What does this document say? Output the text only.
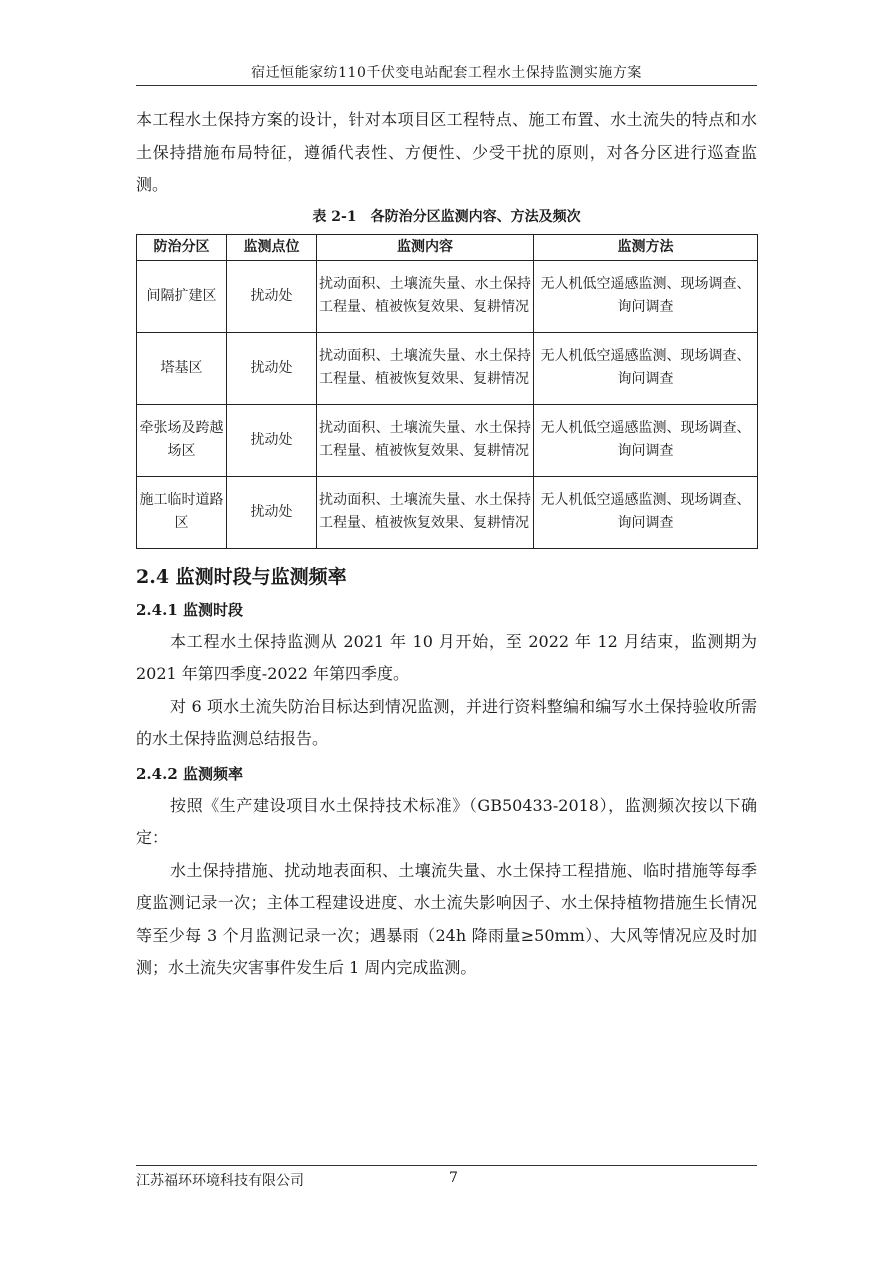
宿迁恒能家纺110千伏变电站配套工程水土保持监测实施方案

本工程水土保持方案的设计，针对本项目区工程特点、施工布置、水土流失的特点和水土保持措施布局特征，遵循代表性、方便性、少受干扰的原则，对各分区进行巡查监测。

表 2-1　各防治分区监测内容、方法及频次
防治分区	监测点位	监测内容	监测方法
间隔扩建区	扰动处	扰动面积、土壤流失量、水土保持工程量、植被恢复效果、复耕情况	无人机低空遥感监测、现场调查、询问调查
塔基区	扰动处	扰动面积、土壤流失量、水土保持工程量、植被恢复效果、复耕情况	无人机低空遥感监测、现场调查、询问调查
牵张场及跨越场区	扰动处	扰动面积、土壤流失量、水土保持工程量、植被恢复效果、复耕情况	无人机低空遥感监测、现场调查、询问调查
施工临时道路区	扰动处	扰动面积、土壤流失量、水土保持工程量、植被恢复效果、复耕情况	无人机低空遥感监测、现场调查、询问调查
2.4 监测时段与监测频率
2.4.1 监测时段

本工程水土保持监测从 2021 年 10 月开始，至 2022 年 12 月结束，监测期为 2021 年第四季度-2022 年第四季度。

对 6 项水土流失防治目标达到情况监测，并进行资料整编和编写水土保持验收所需的水土保持监测总结报告。

2.4.2 监测频率

按照《生产建设项目水土保持技术标准》（GB50433-2018），监测频次按以下确定：

水土保持措施、扰动地表面积、土壤流失量、水土保持工程措施、临时措施等每季度监测记录一次；主体工程建设进度、水土流失影响因子、水土保持植物措施生长情况等至少每 3 个月监测记录一次；遇暴雨（24h 降雨量≥50mm）、大风等情况应及时加测；水土流失灾害事件发生后 1 周内完成监测。

江苏福环环境科技有限公司	7
